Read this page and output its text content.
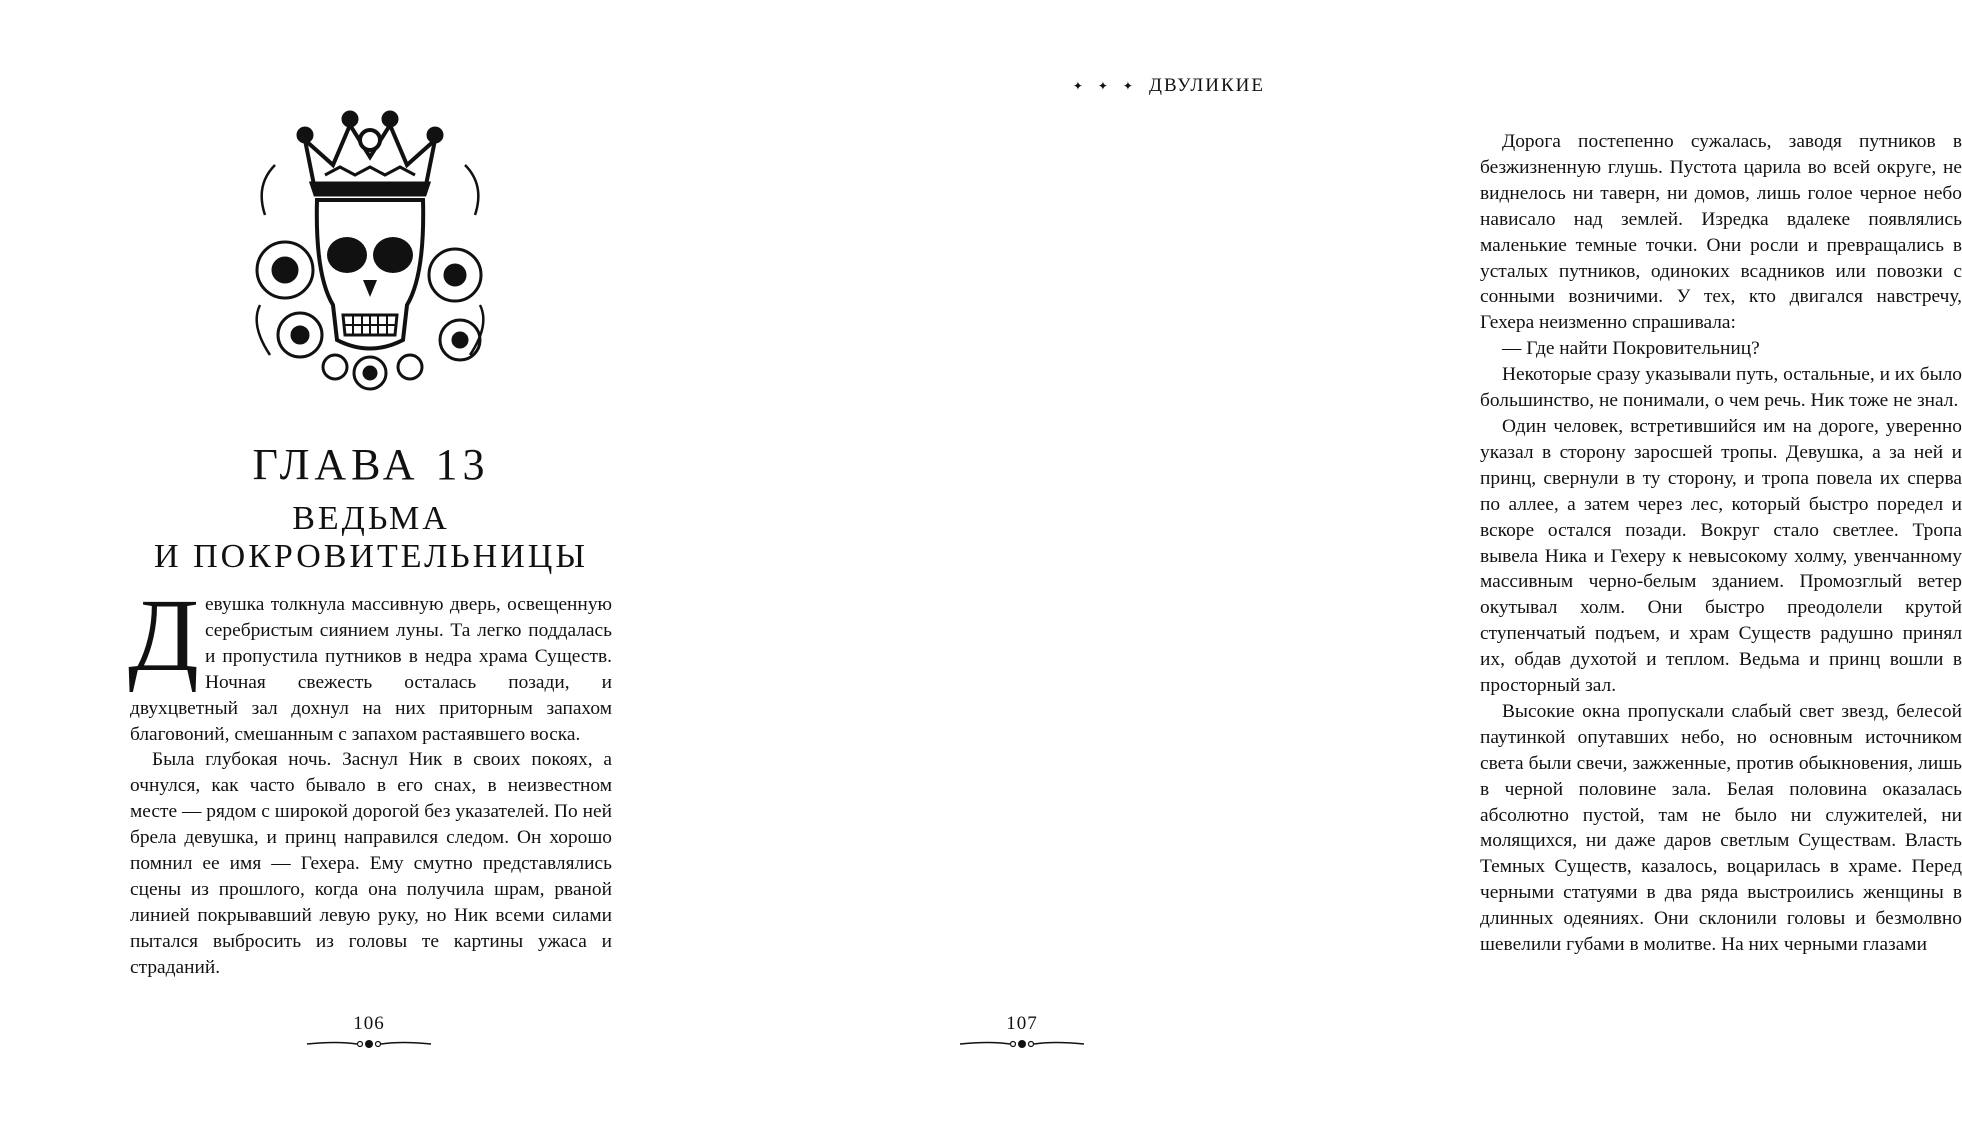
ГЛАВА 13
ВЕДЬМА
И ПОКРОВИТЕЛЬНИЦЫ

Девушка толкнула массивную дверь, освещенную серебристым сиянием луны. Та легко поддалась и пропустила путников в недра храма Существ. Ночная свежесть осталась позади, и двухцветный зал дохнул на них приторным запахом благовоний, смешанным с запахом растаявшего воска.

Была глубокая ночь. Заснул Ник в своих покоях, а очнулся, как часто бывало в его снах, в неизвестном месте — рядом с широкой дорогой без указателей. По ней брела девушка, и принц направился следом. Он хорошо помнил ее имя — Гехера. Ему смутно представлялись сцены из прошлого, когда она получила шрам, рваной линией покрывавший левую руку, но Ник всеми силами пытался выбросить из головы те картины ужаса и страданий.

106
✦ ✦ ✦ ДВУЛИКИЕ

Дорога постепенно сужалась, заводя путников в безжизненную глушь. Пустота царила во всей округе, не виднелось ни таверн, ни домов, лишь голое черное небо нависало над землей. Изредка вдалеке появлялись маленькие темные точки. Они росли и превращались в усталых путников, одиноких всадников или повозки с сонными возничими. У тех, кто двигался навстречу, Гехера неизменно спрашивала:

— Где найти Покровительниц?

Некоторые сразу указывали путь, остальные, и их было большинство, не понимали, о чем речь. Ник тоже не знал.

Один человек, встретившийся им на дороге, уверенно указал в сторону заросшей тропы. Девушка, а за ней и принц, свернули в ту сторону, и тропа повела их сперва по аллее, а затем через лес, который быстро поредел и вскоре остался позади. Вокруг стало светлее. Тропа вывела Ника и Гехеру к невысокому холму, увенчанному массивным черно-белым зданием. Промозглый ветер окутывал холм. Они быстро преодолели крутой ступенчатый подъем, и храм Существ радушно принял их, обдав духотой и теплом. Ведьма и принц вошли в просторный зал.

Высокие окна пропускали слабый свет звезд, белесой паутинкой опутавших небо, но основным источником света были свечи, зажженные, против обыкновения, лишь в черной половине зала. Белая половина оказалась абсолютно пустой, там не было ни служителей, ни молящихся, ни даже даров светлым Существам. Власть Темных Существ, казалось, воцарилась в храме. Перед черными статуями в два ряда выстроились женщины в длинных одеяниях. Они склонили головы и безмолвно шевелили губами в молитве. На них черными глазами

107
